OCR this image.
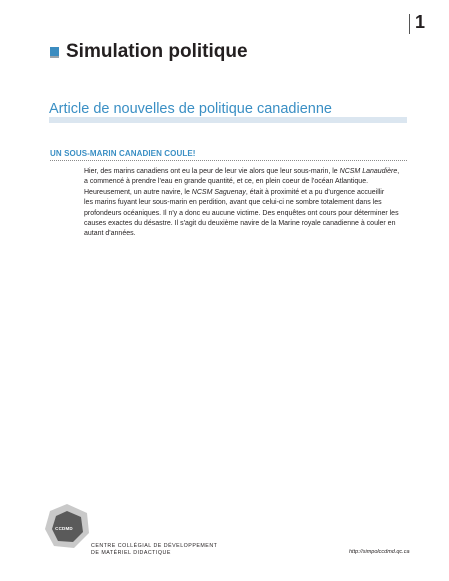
1
Simulation politique
Article de nouvelles de politique canadienne
UN SOUS-MARIN CANADIEN COULE!

Hier, des marins canadiens ont eu la peur de leur vie alors que leur sous-marin, le NCSM Lanaudière,
a commencé à prendre l'eau en grande quantité, et ce, en plein coeur de l'océan Atlantique.
Heureusement, un autre navire, le NCSM Saguenay, était à proximité et a pu d'urgence accueillir
les marins fuyant leur sous-marin en perdition, avant que celui-ci ne sombre totalement dans les
profondeurs océaniques. Il n'y a donc eu aucune victime. Des enquêtes ont cours pour déterminer les
causes exactes du désastre. Il s'agit du deuxième navire de la Marine royale canadienne à couler en
autant d'années.

CCDMD
CENTRE COLLÉGIAL DE DÉVELOPPEMENT
DE MATÉRIEL DIDACTIQUE	http://simpolccdmd.qc.ca
